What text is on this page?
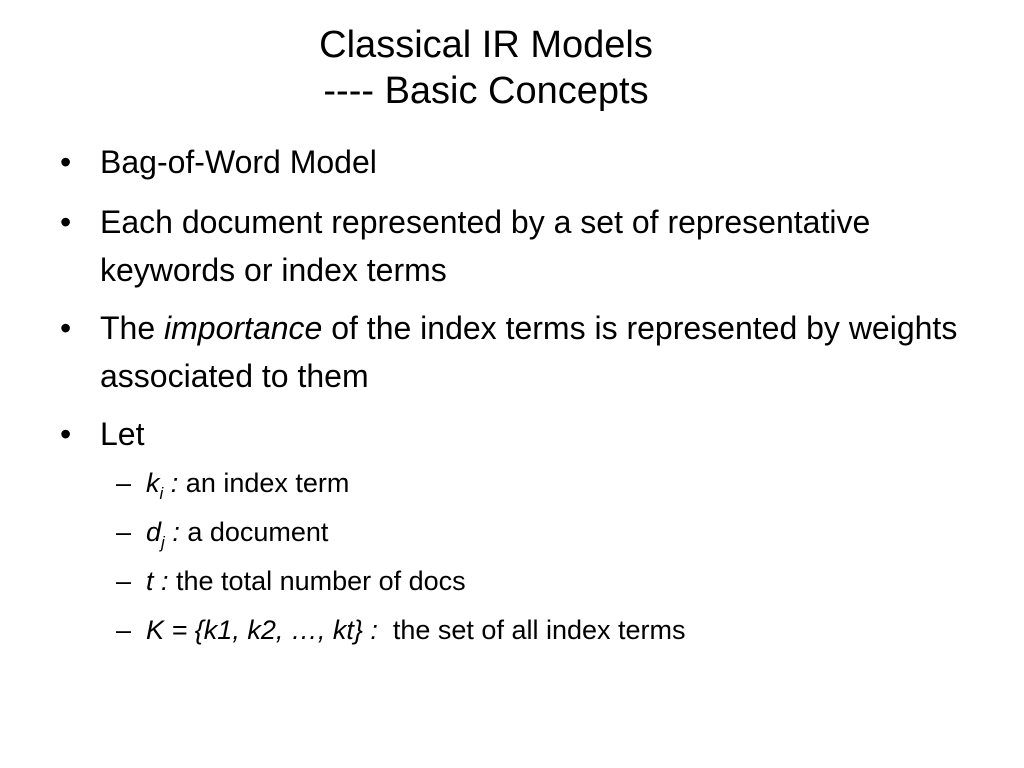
Classical IR Models
---- Basic Concepts
• Bag-of-Word Model
• Each document represented by a set of representative keywords or index terms
• The importance of the index terms is represented by weights associated to them
• Let
– $k_i$ : an index term
– $d_j$ : a document
– t : the total number of docs
– K = {k1, k2, …, kt} :  the set of all index terms
